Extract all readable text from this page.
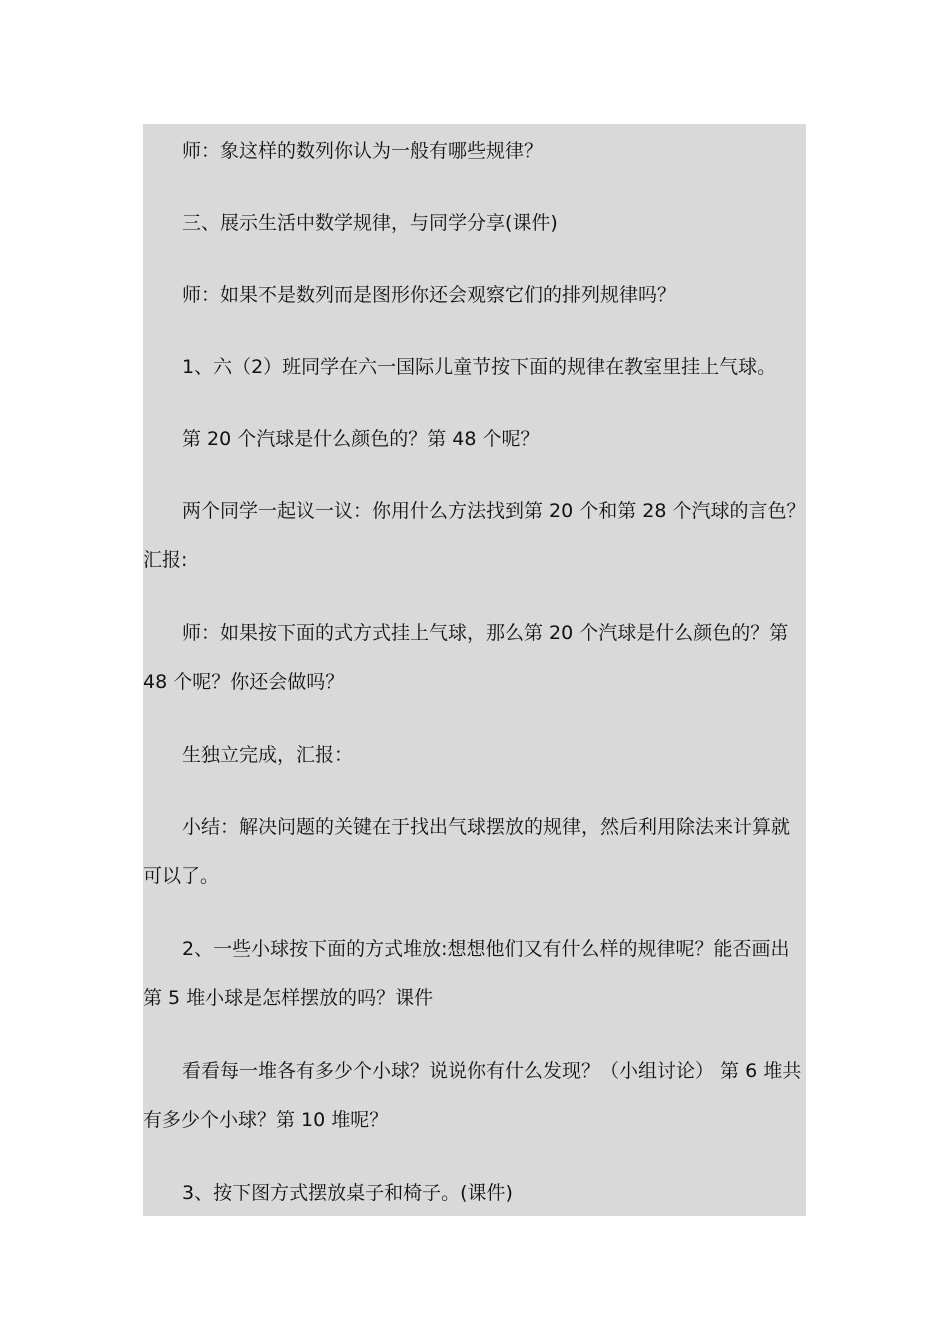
师：象这样的数列你认为一般有哪些规律？
三、展示生活中数学规律，与同学分享(课件)
师：如果不是数列而是图形你还会观察它们的排列规律吗？
1、六（2）班同学在六一国际儿童节按下面的规律在教室里挂上气球。
第 20 个汽球是什么颜色的？第 48 个呢？
两个同学一起议一议：你用什么方法找到第 20 个和第 28 个汽球的言色？
汇报:
师：如果按下面的式方式挂上气球，那么第 20 个汽球是什么颜色的？第
48 个呢？你还会做吗？
生独立完成，汇报：
小结：解决问题的关键在于找出气球摆放的规律，然后利用除法来计算就
可以了。
2、一些小球按下面的方式堆放:想想他们又有什么样的规律呢？能否画出
第 5 堆小球是怎样摆放的吗？课件
看看每一堆各有多少个小球？说说你有什么发现？（小组讨论） 第 6 堆共
有多少个小球？第 10 堆呢？
3、按下图方式摆放桌子和椅子。(课件)
